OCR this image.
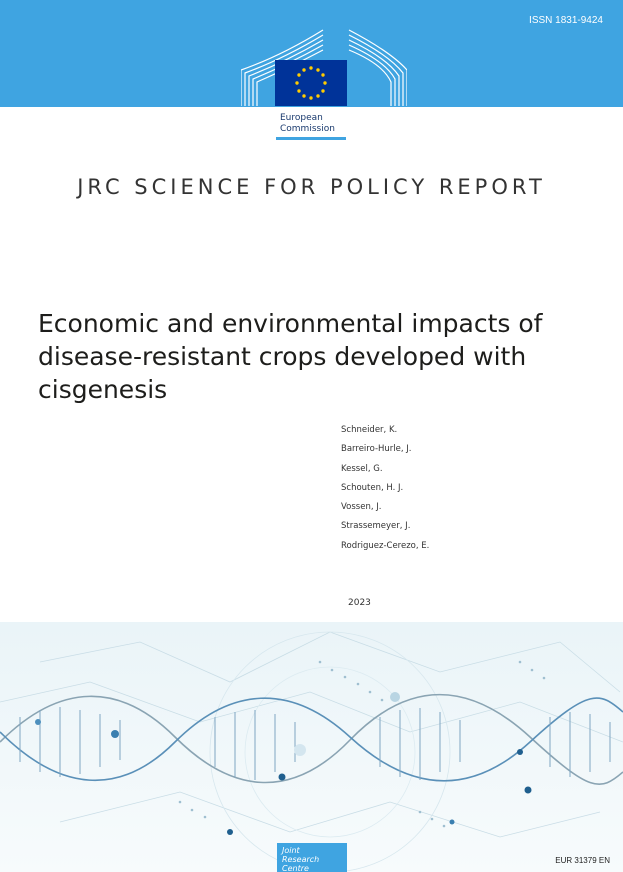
ISSN 1831-9424
European
Commission
JRC SCIENCE FOR POLICY REPORT
Economic and environmental impacts of disease-resistant crops developed with cisgenesis
Schneider, K.
Barreiro-Hurle, J.
Kessel, G.
Schouten, H. J.
Vossen, J.
Strassemeyer, J.
Rodriguez-Cerezo, E.
2023
Joint
Research
Centre
EUR 31379 EN
